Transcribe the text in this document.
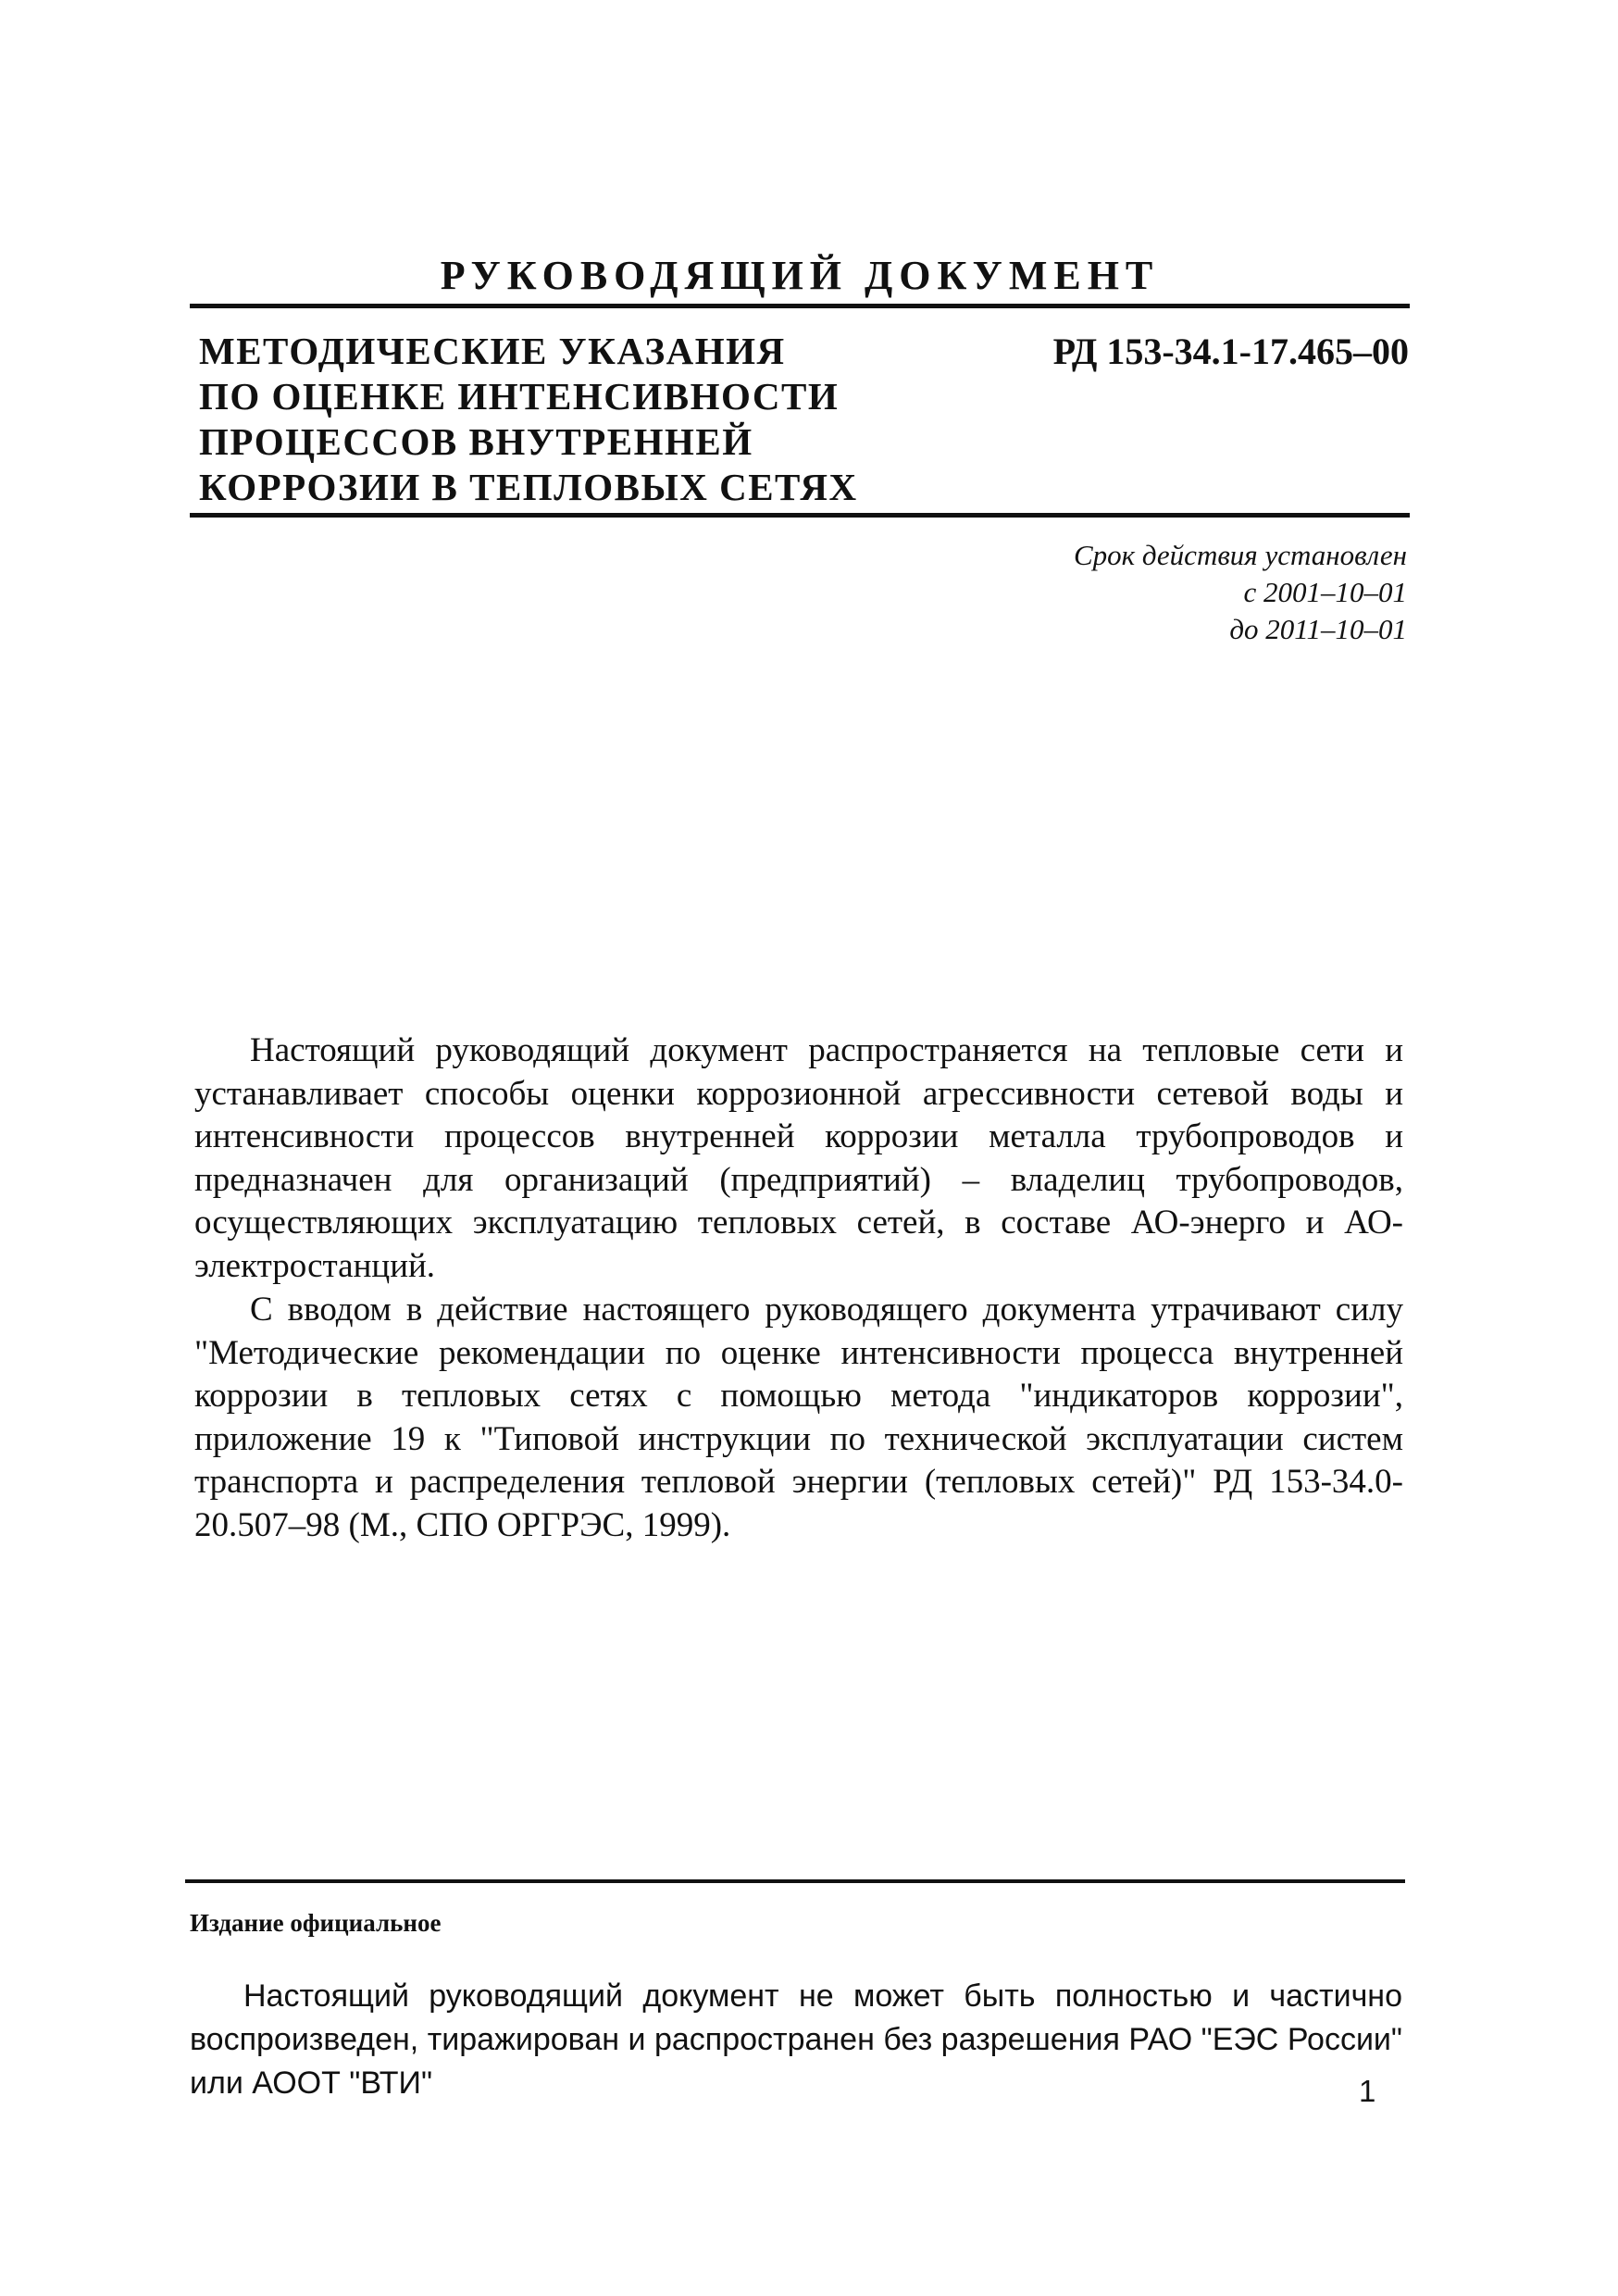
РУКОВОДЯЩИЙ ДОКУМЕНТ
МЕТОДИЧЕСКИЕ УКАЗАНИЯ
ПО ОЦЕНКЕ ИНТЕНСИВНОСТИ
ПРОЦЕССОВ ВНУТРЕННЕЙ
КОРРОЗИИ В ТЕПЛОВЫХ СЕТЯХ
РД 153-34.1-17.465–00
Срок действия установлен
с 2001–10–01
до 2011–10–01

Настоящий руководящий документ распространяется на тепловые сети и устанавливает способы оценки коррозионной агрессивности сетевой воды и интенсивности процессов внутренней коррозии металла трубопроводов и предназначен для организаций (предприятий) – владелиц трубопроводов, осуществляющих эксплуатацию тепловых сетей, в составе АО-энерго и АО-электростанций.

С вводом в действие настоящего руководящего документа утрачивают силу "Методические рекомендации по оценке интенсивности процесса внутренней коррозии в тепловых сетях с помощью метода "индикаторов коррозии", приложение 19 к "Типовой инструкции по технической эксплуатации систем транспорта и распределения тепловой энергии (тепловых сетей)" РД 153-34.0-20.507–98 (М., СПО ОРГРЭС, 1999).

Издание официальное

Настоящий руководящий документ не может быть полностью и частично воспроизведен, тиражирован и распространен без разрешения РАО "ЕЭС России" или АООТ "ВТИ"	1
